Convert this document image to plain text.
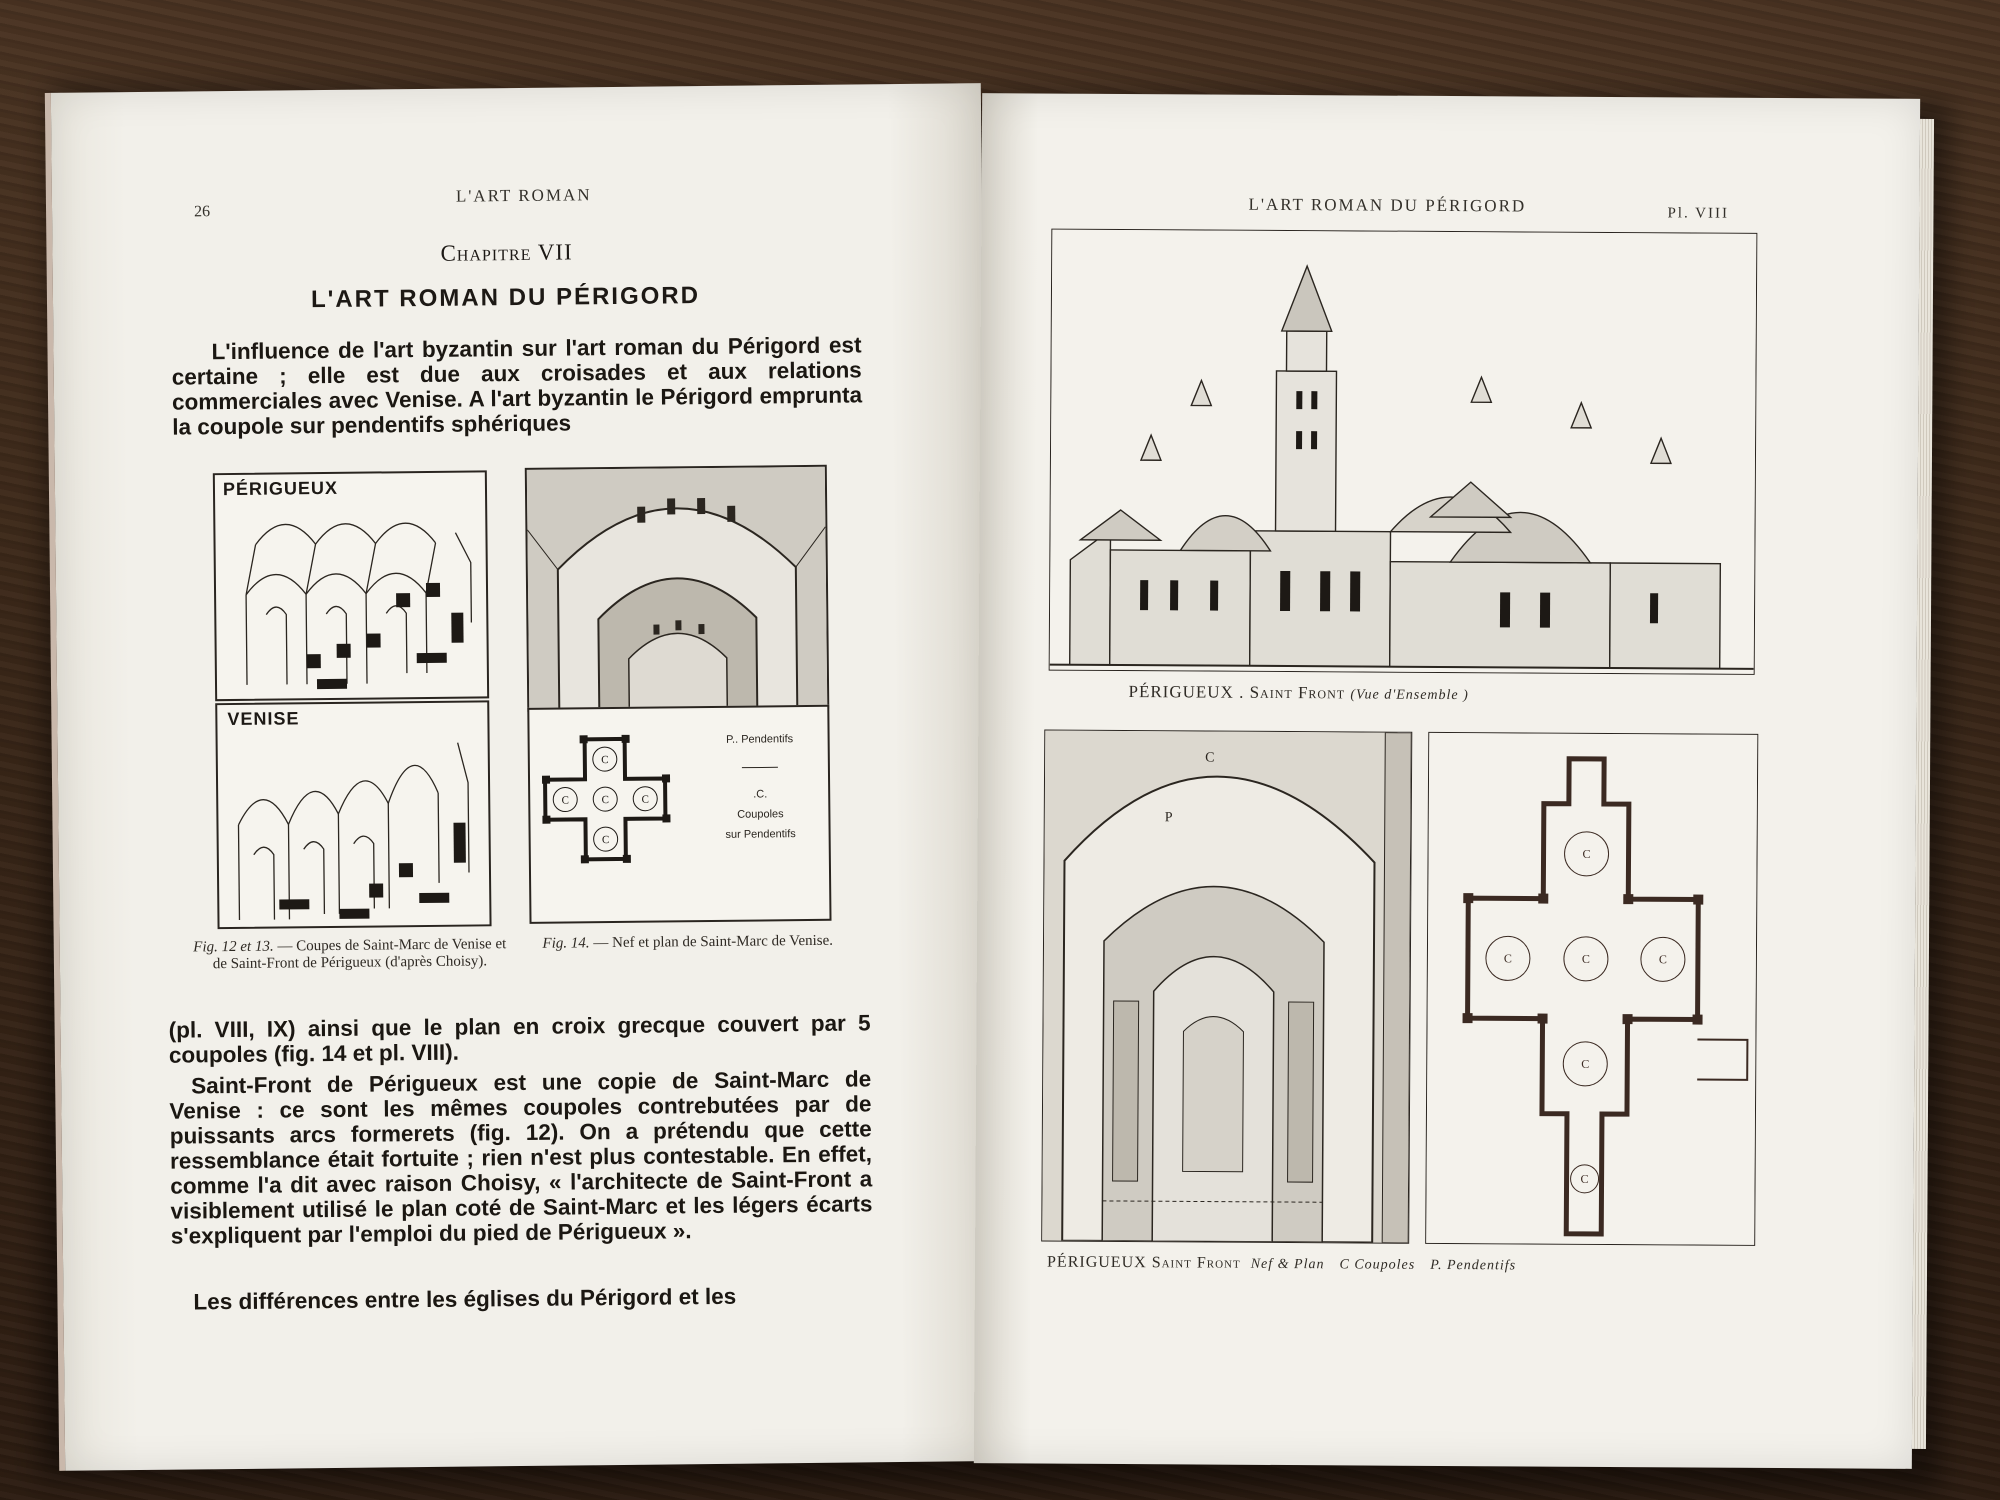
26
L'ART ROMAN
Chapitre VII
L'ART ROMAN DU PÉRIGORD

L'influence de l'art byzantin sur l'art roman du Périgord est certaine ; elle est due aux croisades et aux relations commerciales avec Venise. A l'art byzantin le Périgord emprunta la coupole sur pendentifs sphériques

PÉRIGUEUX
VENISE
C
C
C	C
C
P.. Pendentifs
.C.
Coupoles
sur Pendentifs
Fig. 12 et 13. — Coupes de Saint-Marc de Venise et de Saint-Front de Périgueux (d'après Choisy).
Fig. 14. — Nef et plan de Saint-Marc de Venise.

(pl. VIII, IX) ainsi que le plan en croix grecque couvert par 5 coupoles (fig. 14 et pl. VIII).

Saint-Front de Périgueux est une copie de Saint-Marc de Venise : ce sont les mêmes coupoles contrebutées par de puissants arcs formerets (fig. 12). On a prétendu que cette ressemblance était fortuite ; rien n'est plus contestable. En effet, comme l'a dit avec raison Choisy, « l'architecte de Saint-Front a visiblement utilisé le plan coté de Saint-Marc et les légers écarts s'expliquent par l'emploi du pied de Périgueux ».

Les différences entre les églises du Périgord et les

L'ART ROMAN DU PÉRIGORD	Pl. VIII
PÉRIGUEUX . Saint Front (Vue d'Ensemble )
C
P
C
C
C	C
C
C
PÉRIGUEUX Saint Front Nef & Plan C Coupoles P. Pendentifs
